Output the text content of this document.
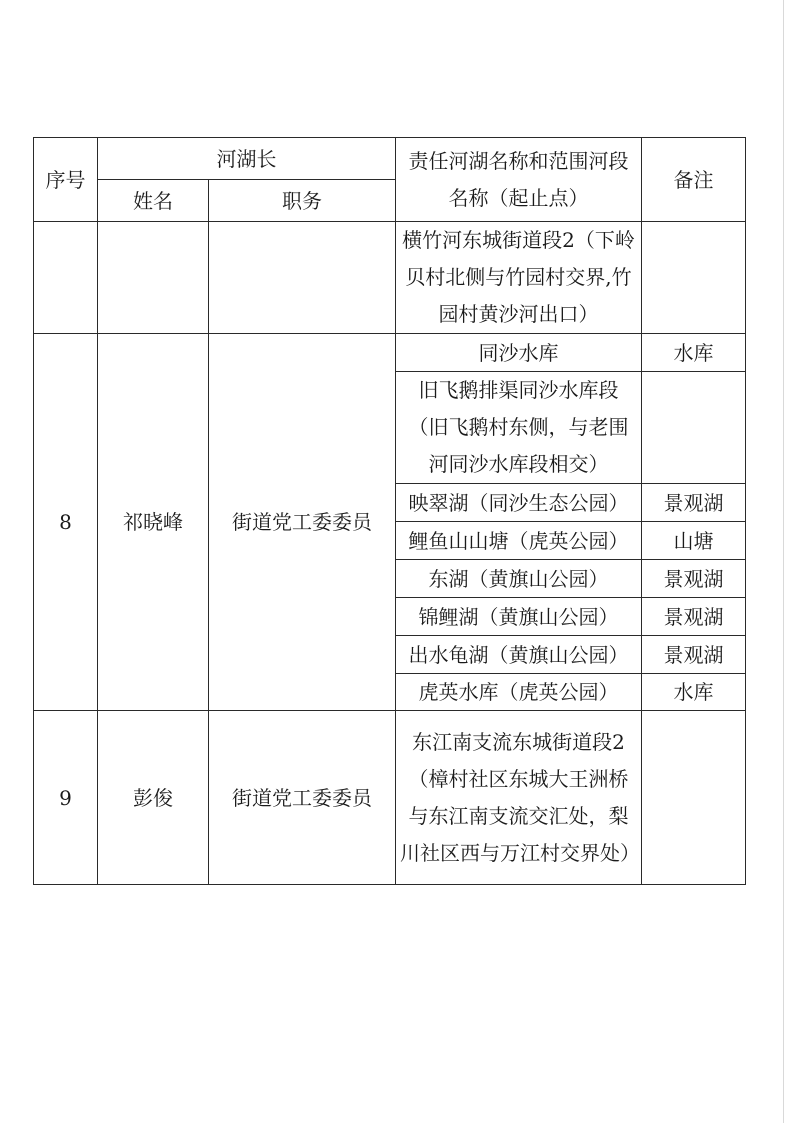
序号	河湖长		责任河湖名称和范围河段名称（起止点）	备注
	姓名	职务		
			横竹河东城街道段2（下岭贝村北侧与竹园村交界,竹园村黄沙河出口）	
8	祁晓峰	街道党工委委员	同沙水库	水库
			旧飞鹅排渠同沙水库段（旧飞鹅村东侧，与老围河同沙水库段相交）	
			映翠湖（同沙生态公园）	景观湖
			鲤鱼山山塘（虎英公园）	山塘
			东湖（黄旗山公园）	景观湖
			锦鲤湖（黄旗山公园）	景观湖
			出水龟湖（黄旗山公园）	景观湖
			虎英水库（虎英公园）	水库
9	彭俊	街道党工委委员	东江南支流东城街道段2（樟村社区东城大王洲桥与东江南支流交汇处，梨川社区西与万江村交界处）	
